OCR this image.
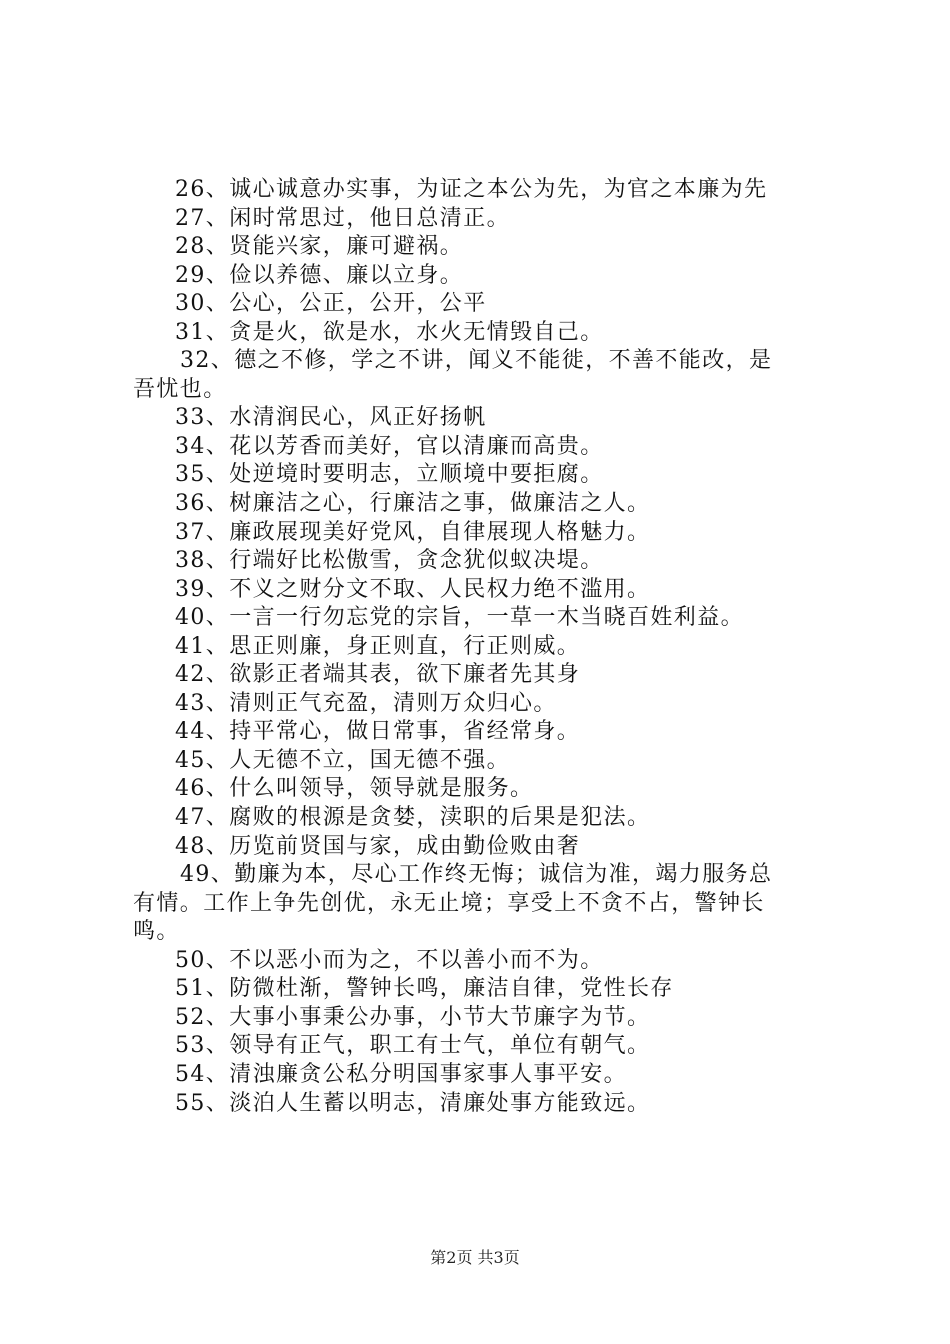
26、诚心诚意办实事，为证之本公为先，为官之本廉为先
27、闲时常思过，他日总清正。
28、贤能兴家，廉可避祸。
29、俭以养德、廉以立身。
30、公心，公正，公开，公平
31、贪是火，欲是水，水火无情毁自己。
32、德之不修，学之不讲，闻义不能徙，不善不能改，是
吾忧也。
33、水清润民心，风正好扬帆
34、花以芳香而美好，官以清廉而高贵。
35、处逆境时要明志，立顺境中要拒腐。
36、树廉洁之心，行廉洁之事，做廉洁之人。
37、廉政展现美好党风，自律展现人格魅力。
38、行端好比松傲雪，贪念犹似蚁决堤。
39、不义之财分文不取、人民权力绝不滥用。
40、一言一行勿忘党的宗旨，一草一木当晓百姓利益。
41、思正则廉，身正则直，行正则威。
42、欲影正者端其表，欲下廉者先其身
43、清则正气充盈，清则万众归心。
44、持平常心，做日常事，省经常身。
45、人无德不立，国无德不强。
46、什么叫领导，领导就是服务。
47、腐败的根源是贪婪，渎职的后果是犯法。
48、历览前贤国与家，成由勤俭败由奢
49、勤廉为本，尽心工作终无悔；诚信为准，竭力服务总
有情。工作上争先创优，永无止境；享受上不贪不占，警钟长
鸣。
50、不以恶小而为之，不以善小而不为。
51、防微杜渐，警钟长鸣，廉洁自律，党性长存
52、大事小事秉公办事，小节大节廉字为节。
53、领导有正气，职工有士气，单位有朝气。
54、清浊廉贪公私分明国事家事人事平安。
55、淡泊人生蓄以明志，清廉处事方能致远。
第2页 共3页
